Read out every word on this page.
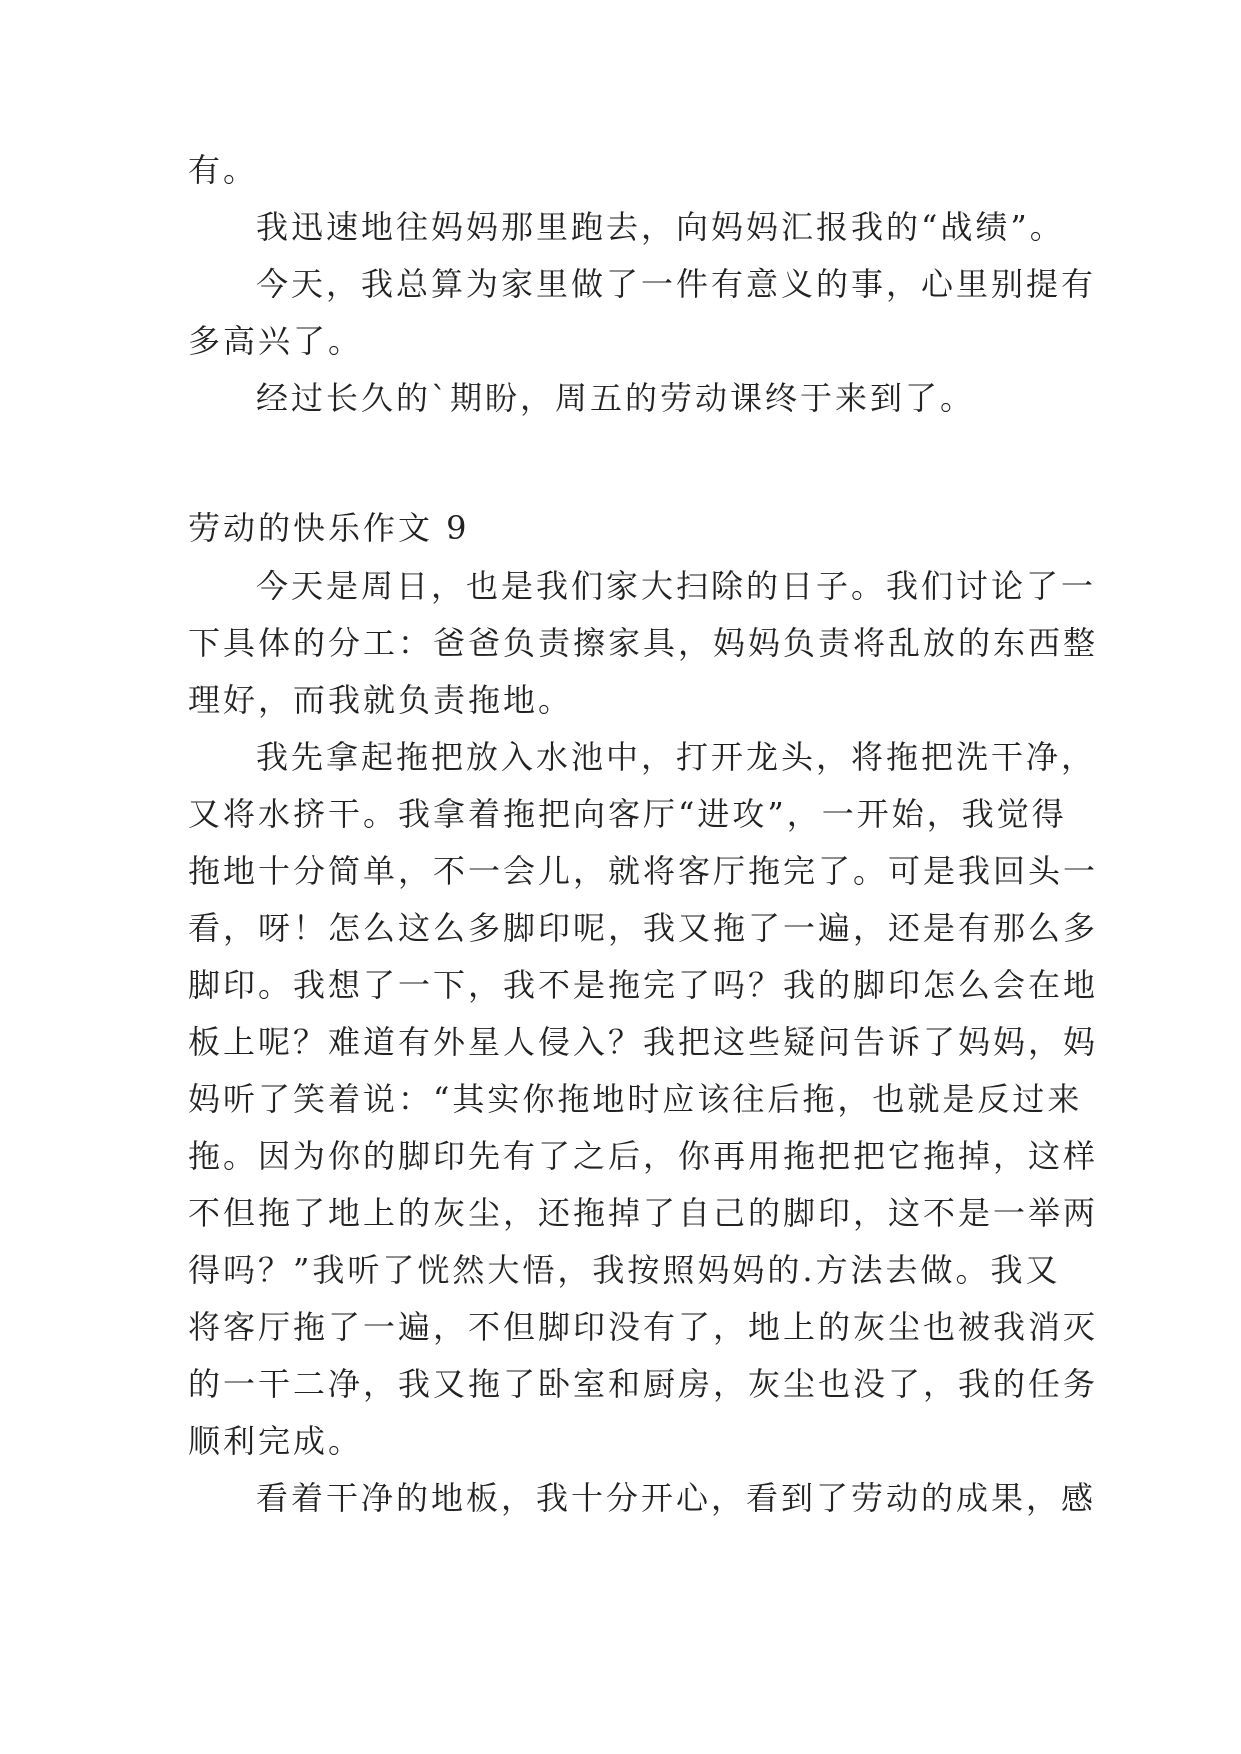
有。
我迅速地往妈妈那里跑去，向妈妈汇报我的“战绩”。
今天，我总算为家里做了一件有意义的事，心里别提有
多高兴了。
经过长久的`期盼，周五的劳动课终于来到了。
劳动的快乐作文 9
今天是周日，也是我们家大扫除的日子。我们讨论了一
下具体的分工：爸爸负责擦家具，妈妈负责将乱放的东西整
理好，而我就负责拖地。
我先拿起拖把放入水池中，打开龙头，将拖把洗干净，
又将水挤干。我拿着拖把向客厅“进攻”，一开始，我觉得
拖地十分简单，不一会儿，就将客厅拖完了。可是我回头一
看，呀！怎么这么多脚印呢，我又拖了一遍，还是有那么多
脚印。我想了一下，我不是拖完了吗？我的脚印怎么会在地
板上呢？难道有外星人侵入？我把这些疑问告诉了妈妈，妈
妈听了笑着说：“其实你拖地时应该往后拖，也就是反过来
拖。因为你的脚印先有了之后，你再用拖把把它拖掉，这样
不但拖了地上的灰尘，还拖掉了自己的脚印，这不是一举两
得吗？”我听了恍然大悟，我按照妈妈的.方法去做。我又
将客厅拖了一遍，不但脚印没有了，地上的灰尘也被我消灭
的一干二净，我又拖了卧室和厨房，灰尘也没了，我的任务
顺利完成。
看着干净的地板，我十分开心，看到了劳动的成果，感
